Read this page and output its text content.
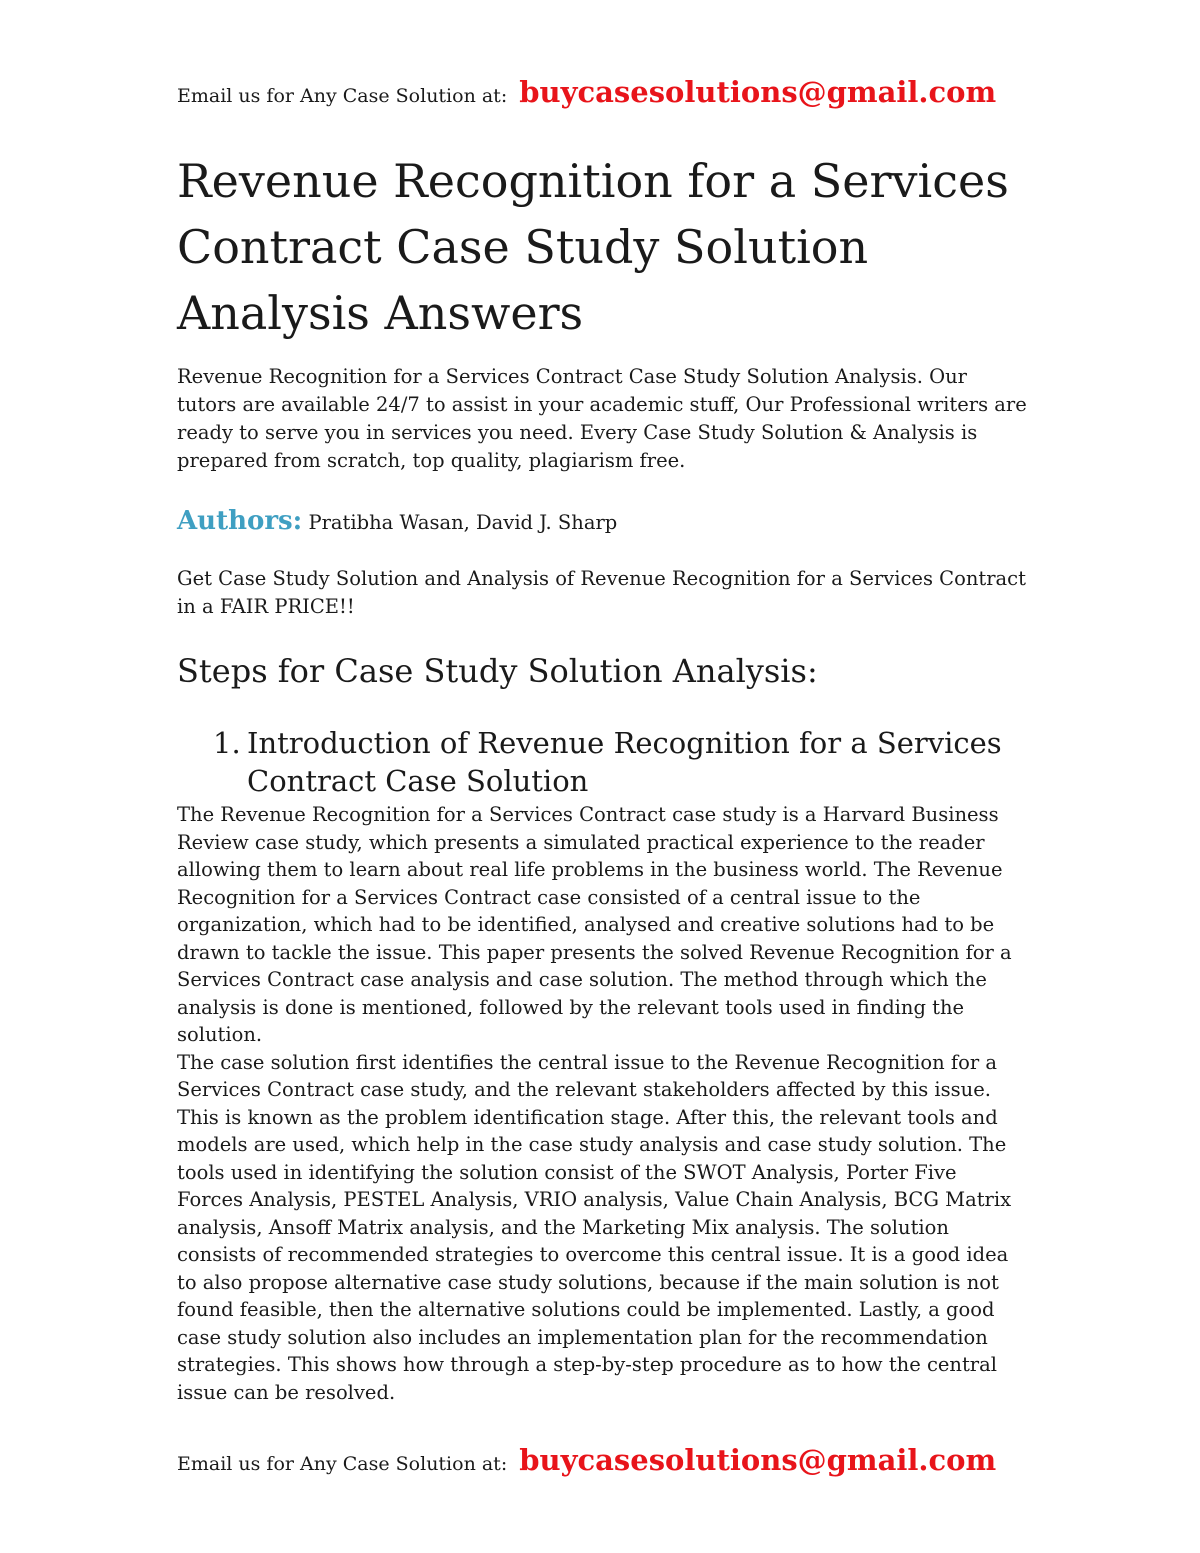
Email us for Any Case Solution at: buycasesolutions@gmail.com
Revenue Recognition for a Services Contract Case Study Solution Analysis Answers

Revenue Recognition for a Services Contract Case Study Solution Analysis. Our tutors are available 24/7 to assist in your academic stuff, Our Professional writers are ready to serve you in services you need. Every Case Study Solution & Analysis is prepared from scratch, top quality, plagiarism free.

Authors: Pratibha Wasan, David J. Sharp

Get Case Study Solution and Analysis of Revenue Recognition for a Services Contract in a FAIR PRICE!!

Steps for Case Study Solution Analysis:
1. Introduction of Revenue Recognition for a Services Contract Case Solution

The Revenue Recognition for a Services Contract case study is a Harvard Business Review case study, which presents a simulated practical experience to the reader allowing them to learn about real life problems in the business world. The Revenue Recognition for a Services Contract case consisted of a central issue to the organization, which had to be identified, analysed and creative solutions had to be drawn to tackle the issue. This paper presents the solved Revenue Recognition for a Services Contract case analysis and case solution. The method through which the analysis is done is mentioned, followed by the relevant tools used in finding the solution.

The case solution first identifies the central issue to the Revenue Recognition for a Services Contract case study, and the relevant stakeholders affected by this issue. This is known as the problem identification stage. After this, the relevant tools and models are used, which help in the case study analysis and case study solution. The tools used in identifying the solution consist of the SWOT Analysis, Porter Five Forces Analysis, PESTEL Analysis, VRIO analysis, Value Chain Analysis, BCG Matrix analysis, Ansoff Matrix analysis, and the Marketing Mix analysis. The solution consists of recommended strategies to overcome this central issue. It is a good idea to also propose alternative case study solutions, because if the main solution is not found feasible, then the alternative solutions could be implemented. Lastly, a good case study solution also includes an implementation plan for the recommendation strategies. This shows how through a step-by-step procedure as to how the central issue can be resolved.

Email us for Any Case Solution at: buycasesolutions@gmail.com
